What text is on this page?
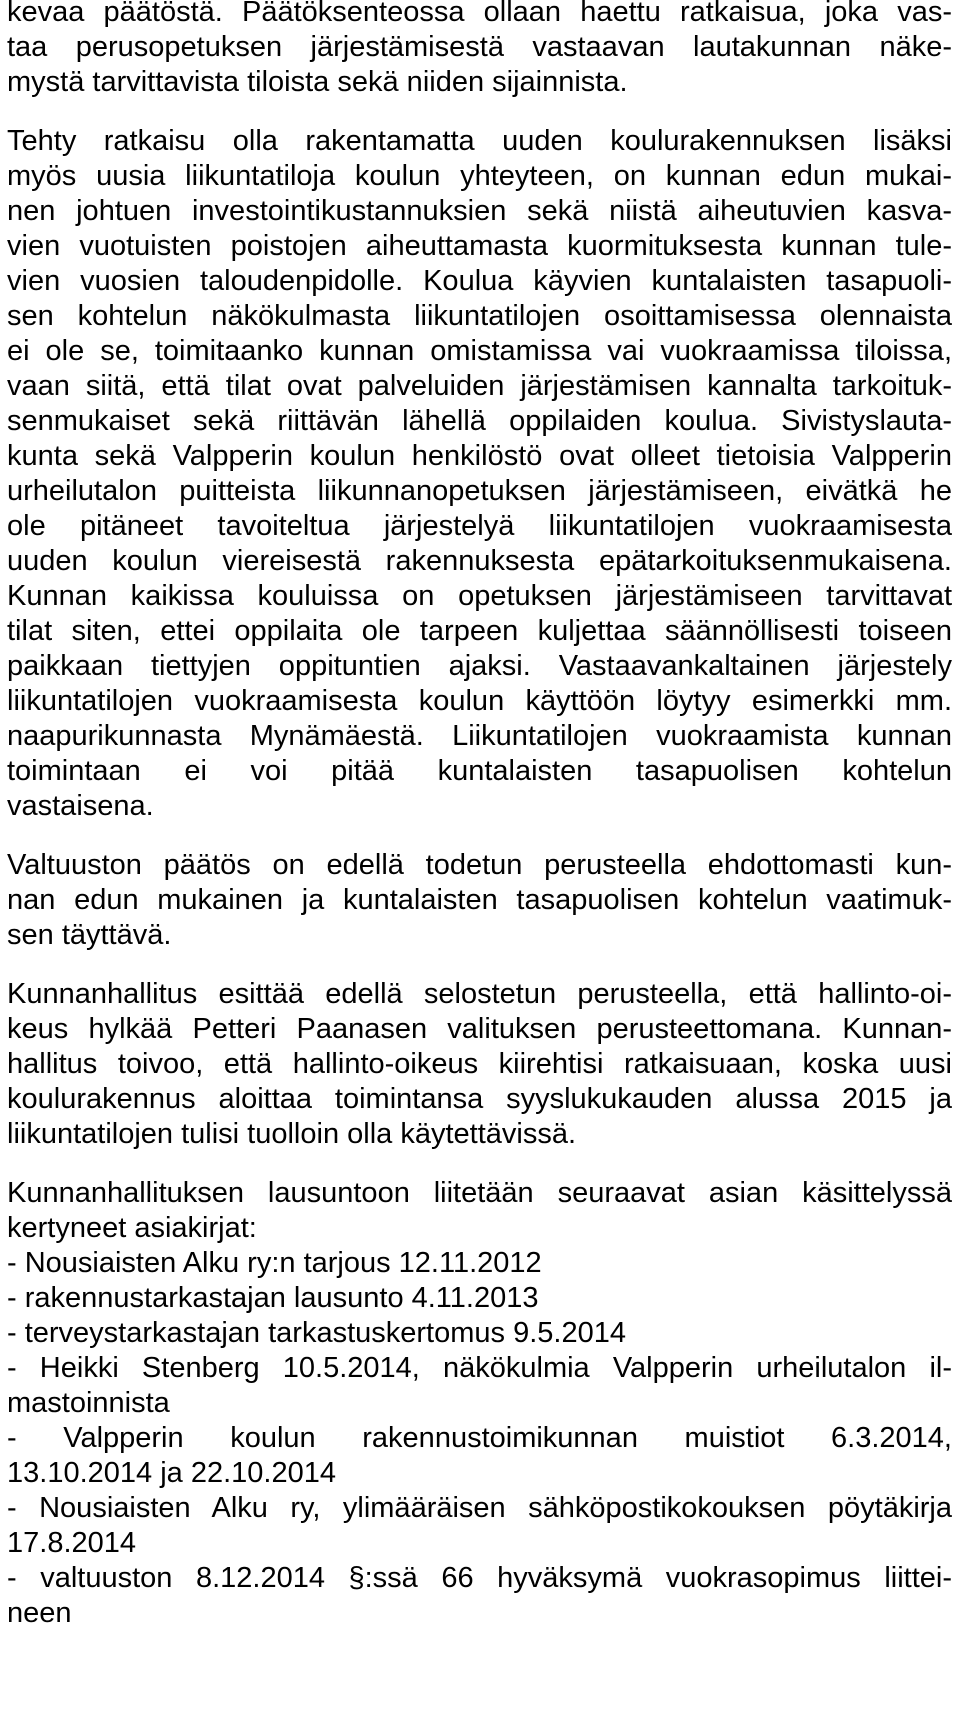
kevaa päätöstä. Päätöksenteossa ollaan haettu ratkaisua, joka vas-
taa perusopetuksen järjestämisestä vastaavan lautakunnan näke-
mystä tarvittavista tiloista sekä niiden sijainnista.
Tehty ratkaisu olla rakentamatta uuden koulurakennuksen lisäksi
myös uusia liikuntatiloja koulun yhteyteen, on kunnan edun mukai-
nen johtuen investointikustannuksien sekä niistä aiheutuvien kasva-
vien vuotuisten poistojen aiheuttamasta kuormituksesta kunnan tule-
vien vuosien taloudenpidolle. Koulua käyvien kuntalaisten tasapuoli-
sen kohtelun näkökulmasta liikuntatilojen osoittamisessa olennaista
ei ole se, toimitaanko kunnan omistamissa vai vuokraamissa tiloissa,
vaan siitä, että tilat ovat palveluiden järjestämisen kannalta tarkoituk-
senmukaiset sekä riittävän lähellä oppilaiden koulua. Sivistyslauta-
kunta sekä Valpperin koulun henkilöstö ovat olleet tietoisia Valpperin
urheilutalon puitteista liikunnanopetuksen järjestämiseen, eivätkä he
ole pitäneet tavoiteltua järjestelyä liikuntatilojen vuokraamisesta
uuden koulun viereisestä rakennuksesta epätarkoituksenmukaisena.
Kunnan kaikissa kouluissa on opetuksen järjestämiseen tarvittavat
tilat siten, ettei oppilaita ole tarpeen kuljettaa säännöllisesti toiseen
paikkaan tiettyjen oppituntien ajaksi. Vastaavankaltainen järjestely
liikuntatilojen vuokraamisesta koulun käyttöön löytyy esimerkki mm.
naapurikunnasta Mynämäestä. Liikuntatilojen vuokraamista kunnan
toimintaan ei voi pitää kuntalaisten tasapuolisen kohtelun
vastaisena.
Valtuuston päätös on edellä todetun perusteella ehdottomasti kun-
nan edun mukainen ja kuntalaisten tasapuolisen kohtelun vaatimuk-
sen täyttävä.
Kunnanhallitus esittää edellä selostetun perusteella, että hallinto-oi-
keus hylkää Petteri Paanasen valituksen perusteettomana. Kunnan-
hallitus toivoo, että hallinto-oikeus kiirehtisi ratkaisuaan, koska uusi
koulurakennus aloittaa toimintansa syyslukukauden alussa 2015 ja
liikuntatilojen tulisi tuolloin olla käytettävissä.
Kunnanhallituksen lausuntoon liitetään seuraavat asian käsittelyssä
kertyneet asiakirjat:
- Nousiaisten Alku ry:n tarjous 12.11.2012
- rakennustarkastajan lausunto 4.11.2013
- terveystarkastajan tarkastuskertomus 9.5.2014
- Heikki Stenberg 10.5.2014, näkökulmia Valpperin urheilutalon il-
mastoinnista
- Valpperin koulun rakennustoimikunnan muistiot 6.3.2014,
13.10.2014 ja 22.10.2014
- Nousiaisten Alku ry, ylimääräisen sähköpostikokouksen pöytäkirja
17.8.2014
- valtuuston 8.12.2014 §:ssä 66 hyväksymä vuokrasopimus liittei-
neen
